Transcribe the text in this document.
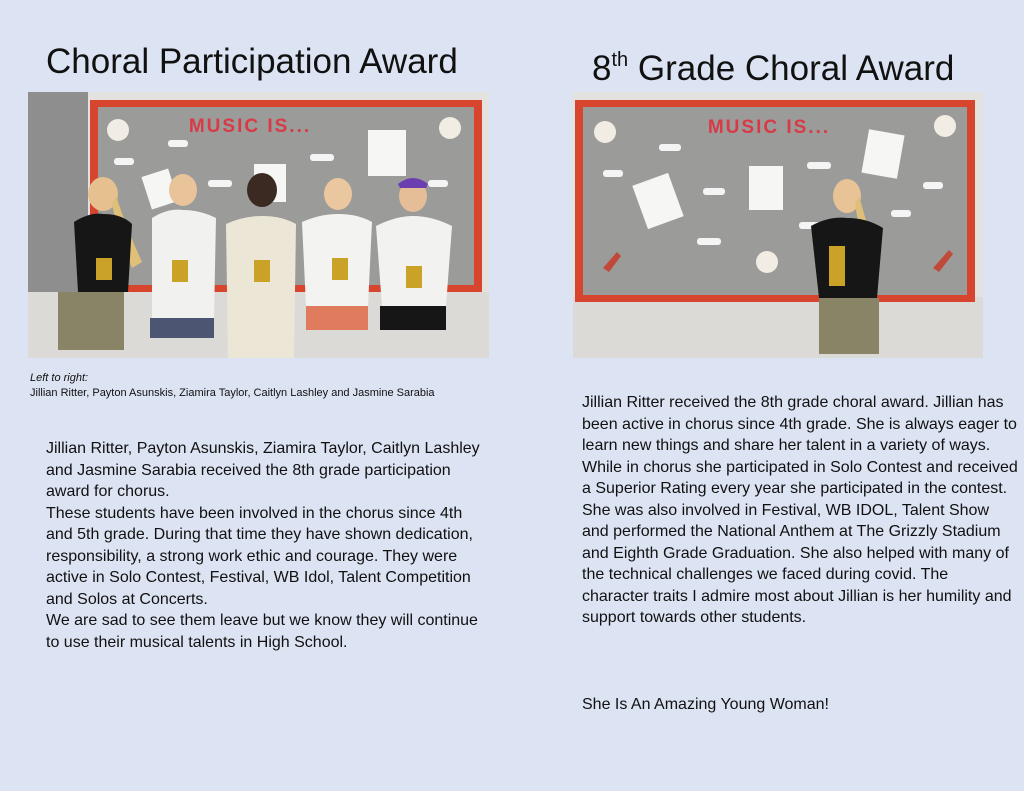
Choral Participation Award	8th Grade Choral Award
MUSIC IS...	MUSIC IS...
Left to right:
Jillian Ritter, Payton Asunskis, Ziamira Taylor, Caitlyn Lashley and Jasmine Sarabia

Jillian Ritter, Payton Asunskis, Ziamira Taylor, Caitlyn Lashley and Jasmine Sarabia received the 8th grade participation award for chorus.

These students have been involved in the chorus since 4th and 5th grade. During that time they have shown dedication, responsibility, a strong work ethic and courage. They were active in Solo Contest, Festival, WB Idol, Talent Competition and Solos at Concerts.

We are sad to see them leave but we know they will continue to use their musical talents in High School.

Jillian Ritter received the 8th grade choral award. Jillian has been active in chorus since 4th grade. She is always eager to learn new things and share her talent in a variety of ways. While in chorus she participated in Solo Contest and received a Superior Rating every year she participated in the contest. She was also involved in Festival, WB IDOL, Talent Show and performed the National Anthem at The Grizzly Stadium and Eighth Grade Graduation. She also helped with many of the technical challenges we faced during covid. The character traits I admire most about Jillian is her humility and support towards other students.

She Is An Amazing Young Woman!
